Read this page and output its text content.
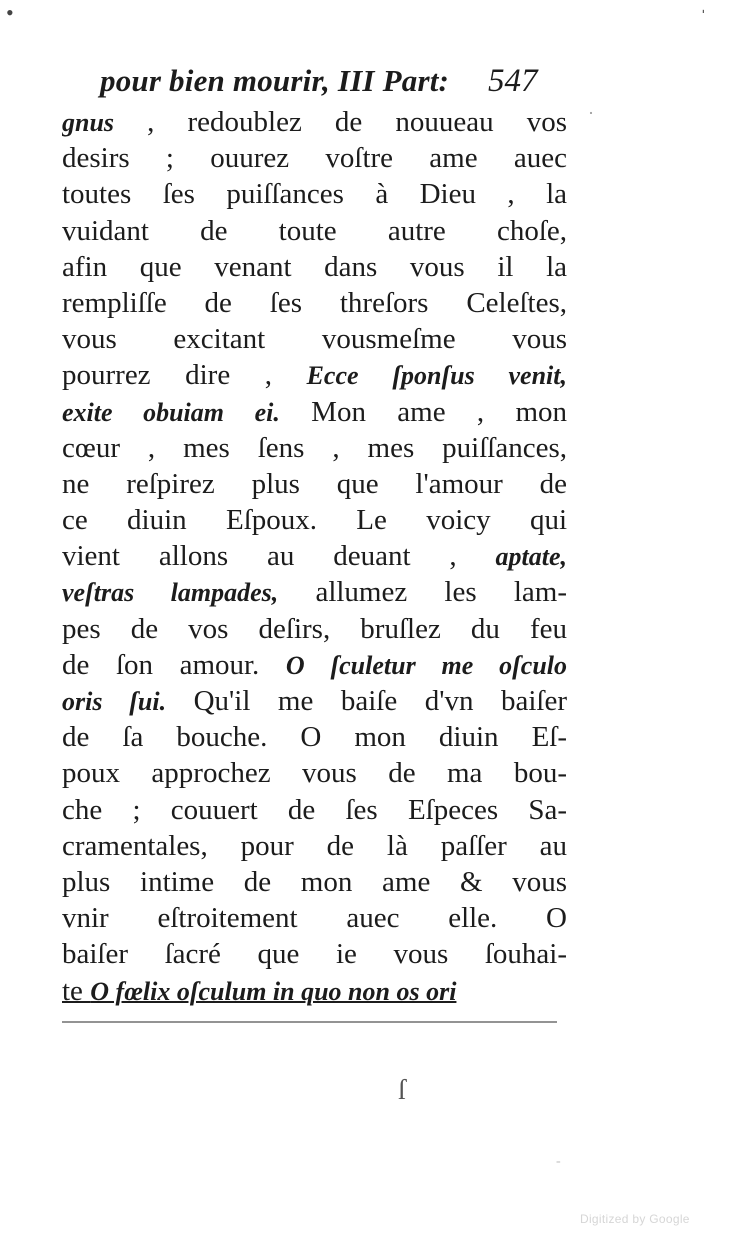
pour bien mourir, III Part: 547
gnus , redoublez de nouueau vos
desirs ; ouurez voſtre ame auec
toutes ſes puiſſances à Dieu , la
vuidant de toute autre choſe,
afin que venant dans vous il la
rempliſſe de ſes threſors Celeſtes,
vous excitant vousmeſme vous
pourrez dire , Ecce ſponſus venit,
exite obuiam ei. Mon ame , mon
cœur , mes ſens , mes puiſſances,
ne reſpirez plus que l'amour de
ce diuin Eſpoux. Le voicy qui
vient allons au deuant , aptate,
veſtras lampades, allumez les lam-
pes de vos deſirs, bruſlez du feu
de ſon amour. O ſculetur me oſculo
oris ſui. Qu'il me baiſe d'vn baiſer
de ſa bouche. O mon diuin Eſ-
poux approchez vous de ma bou-
che ; couuert de ſes Eſpeces Sa-
cramentales, pour de là paſſer au
plus intime de mon ame & vous
vnir eſtroitement auec elle. O
baiſer ſacré que ie vous ſouhai-
te O fœlix oſculum in quo non os ori
•	ˈ
·
ſ
-
Digitized by Google
